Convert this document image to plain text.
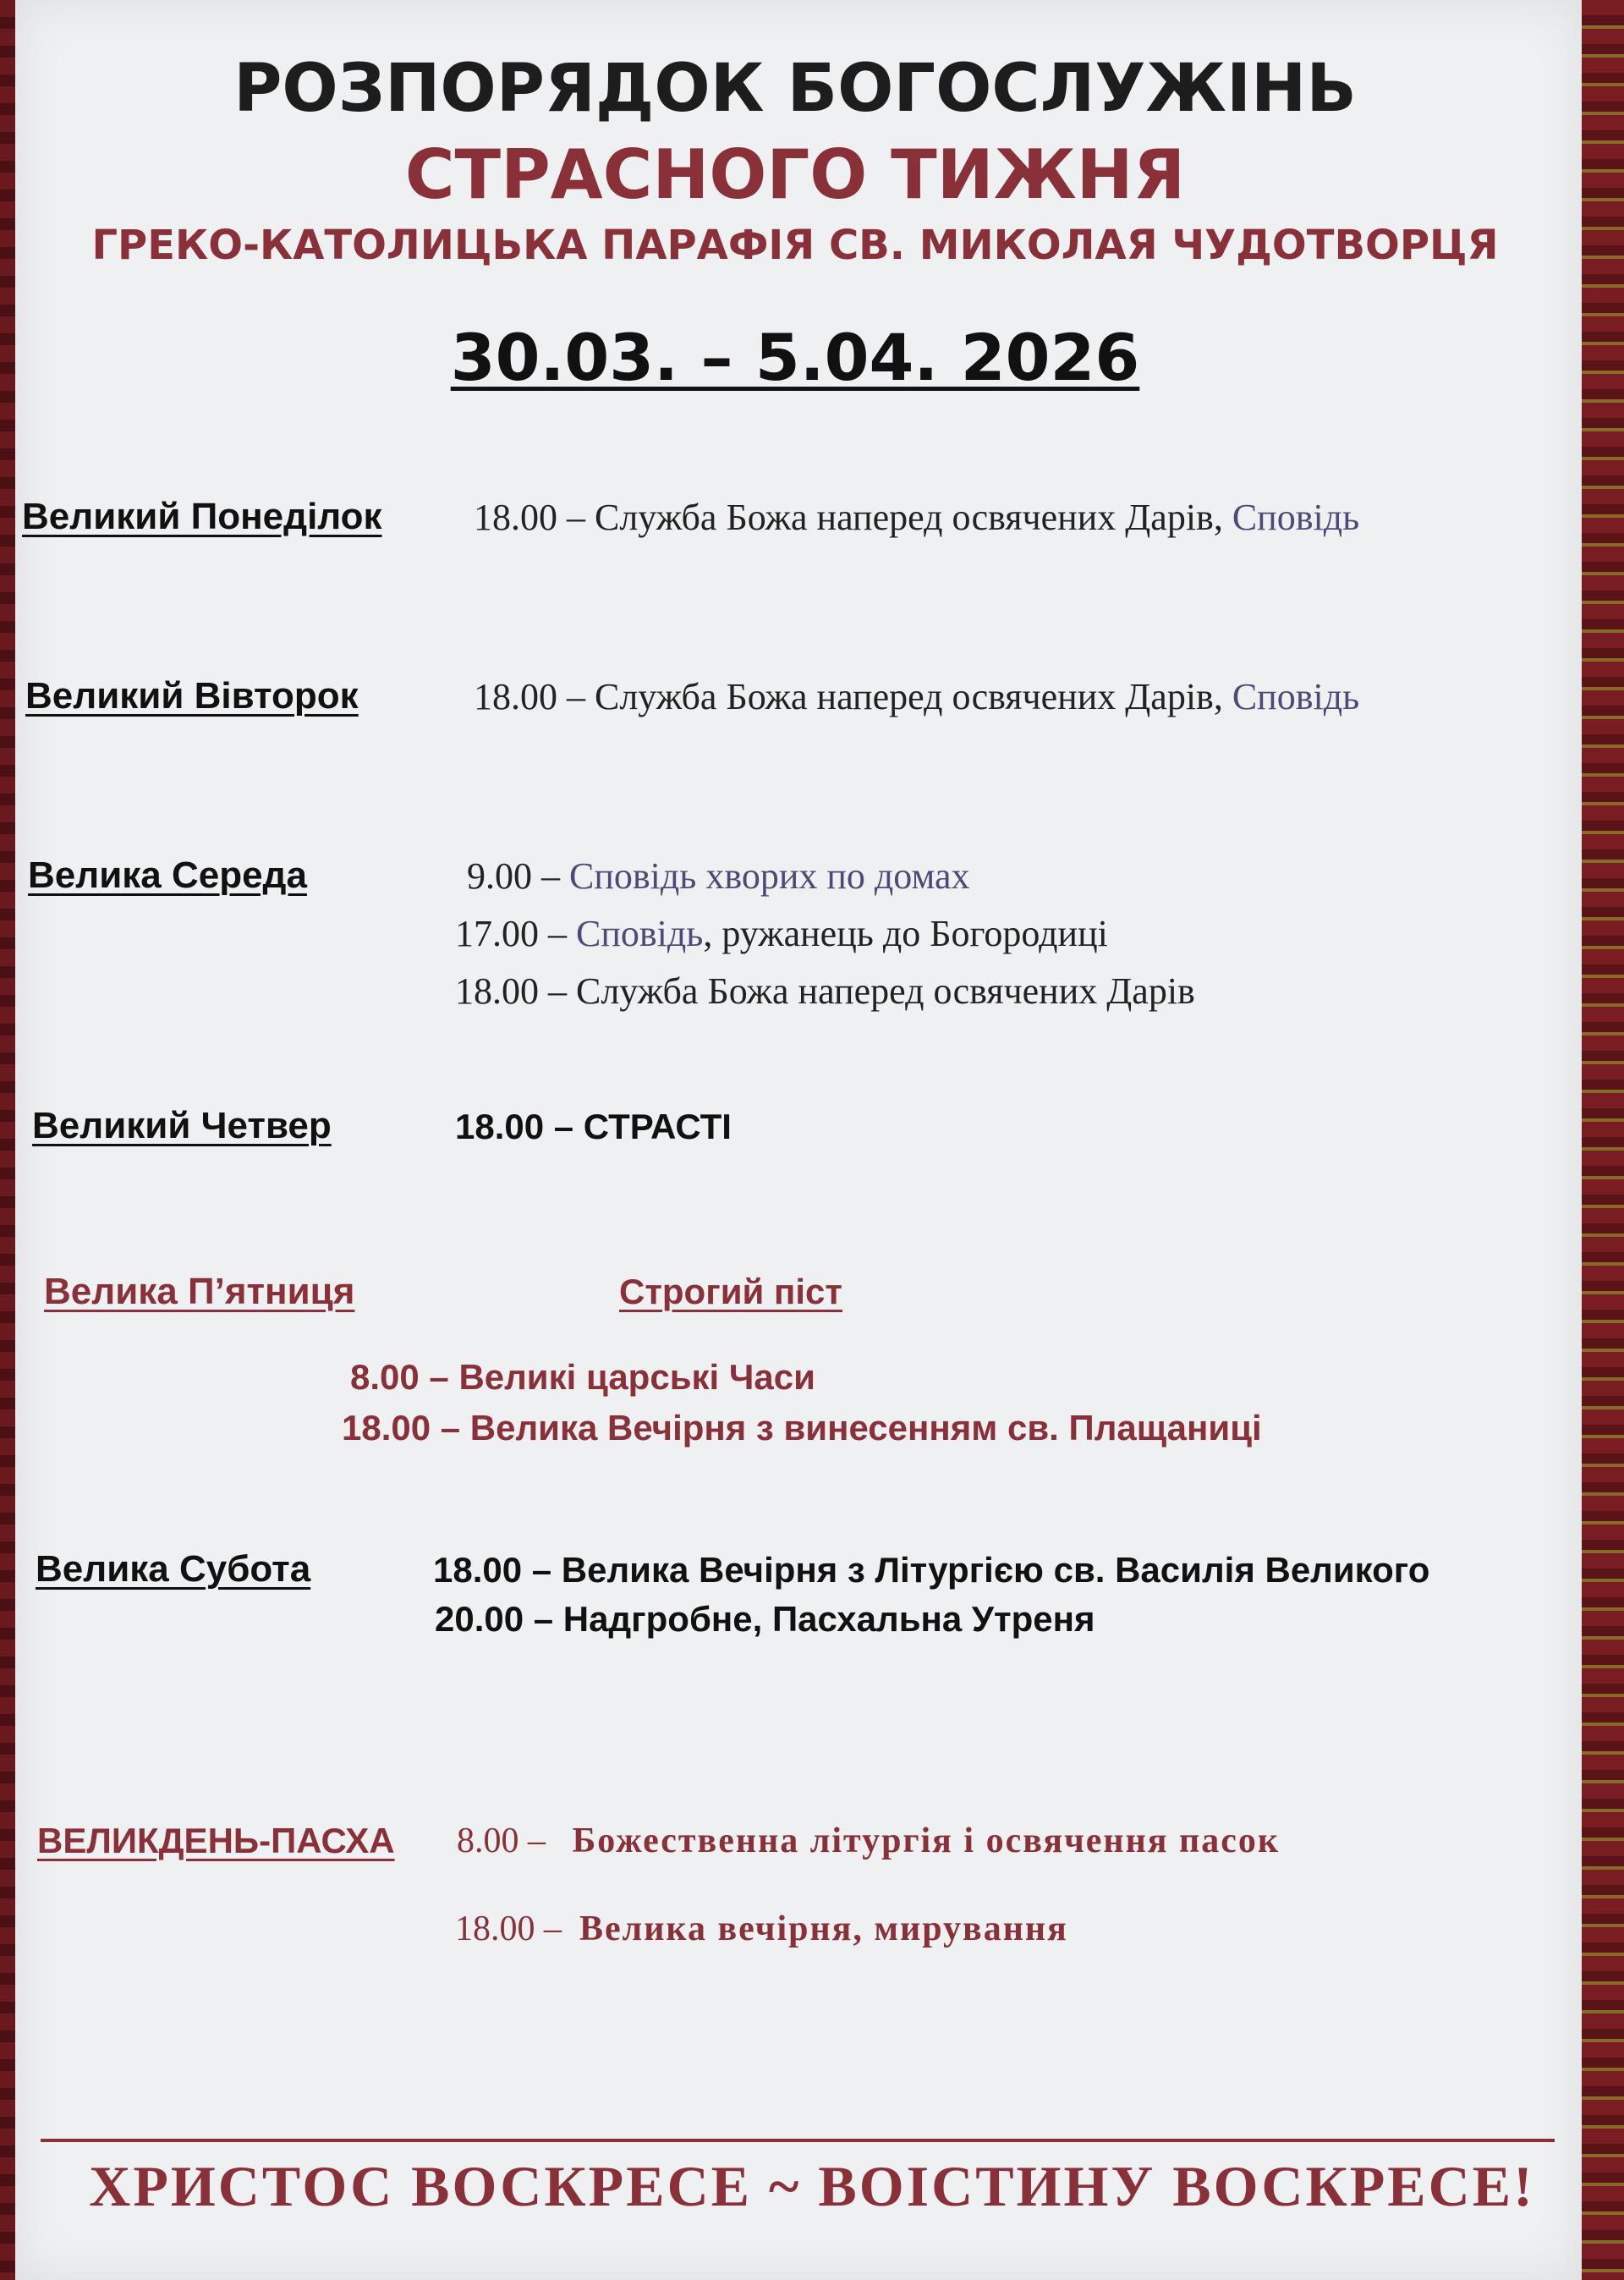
РОЗПОРЯДОК БОГОСЛУЖІНЬ
СТРАСНОГО ТИЖНЯ
ГРЕКО-КАТОЛИЦЬКА ПАРАФІЯ СВ. МИКОЛАЯ ЧУДОТВОРЦЯ
30.03. – 5.04. 2026
Великий Понеділок 18.00 – Служба Божа наперед освячених Дарів, Сповідь
Великий Вівторок	18.00 – Служба Божа наперед освячених Дарів, Сповідь
Велика Середа	9.00 – Сповідь хворих по домах
17.00 – Сповідь, ружанець до Богородиці
18.00 – Служба Божа наперед освячених Дарів
Великий Четвер	18.00 – СТРАСТІ
Велика П’ятниця	Строгий піст
8.00 – Великі царські Часи
18.00 – Велика Вечірня з винесенням св. Плащаниці
Велика Субота	18.00 – Велика Вечірня з Літургією св. Василія Великого
20.00 – Надгробне, Пасхальна Утреня
ВЕЛИКДЕНЬ-ПАСХА 8.00 – Божественна літургія і освячення пасок
18.00 – Велика вечірня, мирування
ХРИСТОС ВОСКРЕСЕ ~ ВОІСТИНУ ВОСКРЕСЕ!
